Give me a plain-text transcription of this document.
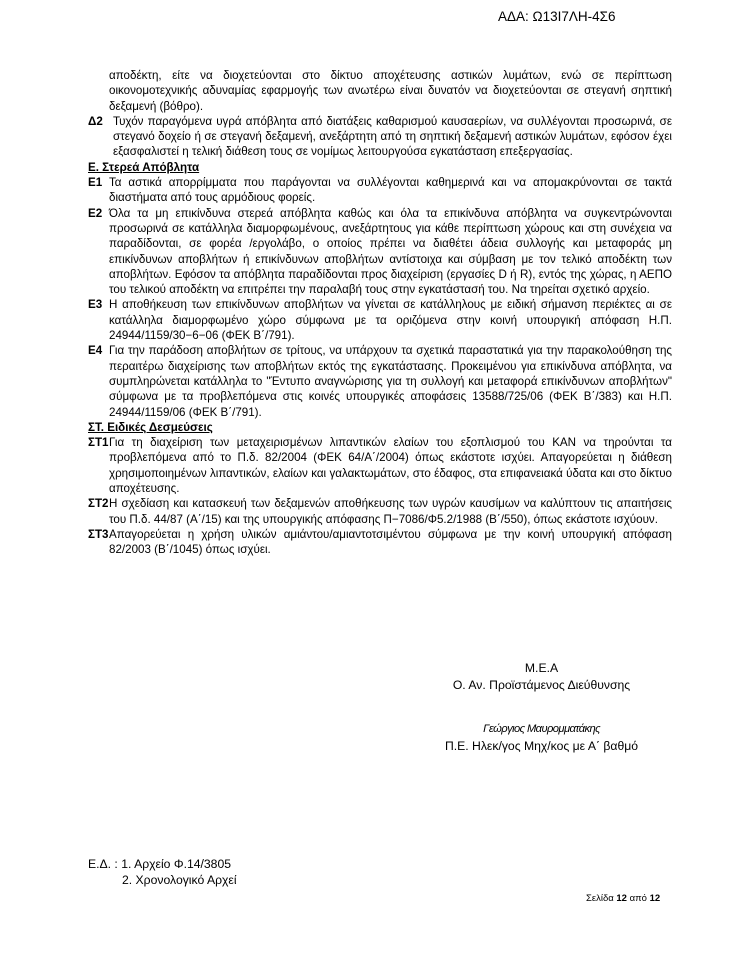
ΑΔΑ: Ω13Ι7ΛΗ-4Σ6

αποδέκτη, είτε να διοχετεύονται στο δίκτυο αποχέτευσης αστικών λυμάτων, ενώ σε περίπτωση οικονομοτεχνικής αδυναμίας εφαρμογής των ανωτέρω είναι δυνατόν να διοχετεύονται σε στεγανή σηπτική δεξαμενή (βόθρο).

Δ2 Τυχόν παραγόμενα υγρά απόβλητα από διατάξεις καθαρισμού καυσαερίων, να συλλέγονται προσωρινά, σε στεγανό δοχείο ή σε στεγανή δεξαμενή, ανεξάρτητη από τη σηπτική δεξαμενή αστικών λυμάτων, εφόσον έχει εξασφαλιστεί η τελική διάθεση τους σε νομίμως λειτουργούσα εγκατάσταση επεξεργασίας.
Ε. Στερεά Απόβλητα
Ε1 Τα αστικά απορρίμματα που παράγονται να συλλέγονται καθημερινά και να απομακρύνονται σε τακτά διαστήματα από τους αρμόδιους φορείς.
Ε2 Όλα τα μη επικίνδυνα στερεά απόβλητα καθώς και όλα τα επικίνδυνα απόβλητα να συγκεντρώνονται προσωρινά σε κατάλληλα διαμορφωμένους, ανεξάρτητους για κάθε περίπτωση χώρους και στη συνέχεια να παραδίδονται, σε φορέα /εργολάβο, ο οποίος πρέπει να διαθέτει άδεια συλλογής και μεταφοράς μη επικίνδυνων αποβλήτων ή επικίνδυνων αποβλήτων αντίστοιχα και σύμβαση με τον τελικό αποδέκτη των αποβλήτων. Εφόσον τα απόβλητα παραδίδονται προς διαχείριση (εργασίες D ή R), εντός της χώρας, η ΑΕΠΟ του τελικού αποδέκτη να επιτρέπει την παραλαβή τους στην εγκατάστασή του. Να τηρείται σχετικό αρχείο.
Ε3 Η αποθήκευση των επικίνδυνων αποβλήτων να γίνεται σε κατάλληλους με ειδική σήμανση περιέκτες αι σε κατάλληλα διαμορφωμένο χώρο σύμφωνα με τα οριζόμενα στην κοινή υπουργική απόφαση Η.Π. 24944/1159/30−6−06 (ΦΕΚ Β΄/791).
Ε4 Για την παράδοση αποβλήτων σε τρίτους, να υπάρχουν τα σχετικά παραστατικά για την παρακολούθηση της περαιτέρω διαχείρισης των αποβλήτων εκτός της εγκατάστασης. Προκειμένου για επικίνδυνα απόβλητα, να συμπληρώνεται κατάλληλα το "Έντυπο αναγνώρισης για τη συλλογή και μεταφορά επικίνδυνων αποβλήτων" σύμφωνα με τα προβλεπόμενα στις κοινές υπουργικές αποφάσεις 13588/725/06 (ΦΕΚ Β΄/383) και Η.Π. 24944/1159/06 (ΦΕΚ Β΄/791).
ΣΤ. Ειδικές Δεσμεύσεις
ΣΤ1 Για τη διαχείριση των μεταχειρισμένων λιπαντικών ελαίων του εξοπλισμού του ΚΑΝ να τηρούνται τα προβλεπόμενα από το Π.δ. 82/2004 (ΦΕΚ 64/Α΄/2004) όπως εκάστοτε ισχύει. Απαγορεύεται η διάθεση χρησιμοποιημένων λιπαντικών, ελαίων και γαλακτωμάτων, στο έδαφος, στα επιφανειακά ύδατα και στο δίκτυο αποχέτευσης.
ΣΤ2 Η σχεδίαση και κατασκευή των δεξαμενών αποθήκευσης των υγρών καυσίμων να καλύπτουν τις απαιτήσεις του Π.δ. 44/87 (Α΄/15) και της υπουργικής απόφασης Π−7086/Φ5.2/1988 (Β΄/550), όπως εκάστοτε ισχύουν.
ΣΤ3 Απαγορεύεται η χρήση υλικών αμιάντου/αμιαντοτσιμέντου σύμφωνα με την κοινή υπουργική απόφαση 82/2003 (Β΄/1045) όπως ισχύει.
Μ.Ε.Α
Ο. Αν. Προϊστάμενος Διεύθυνσης
Γεώργιος Μαυρομματάκης
Π.Ε. Ηλεκ/γος Μηχ/κος με Α΄ βαθμό
Ε.Δ. : 1. Αρχείο Φ.14/3805
2. Χρονολογικό Αρχεί
Σελίδα 12 από 12
